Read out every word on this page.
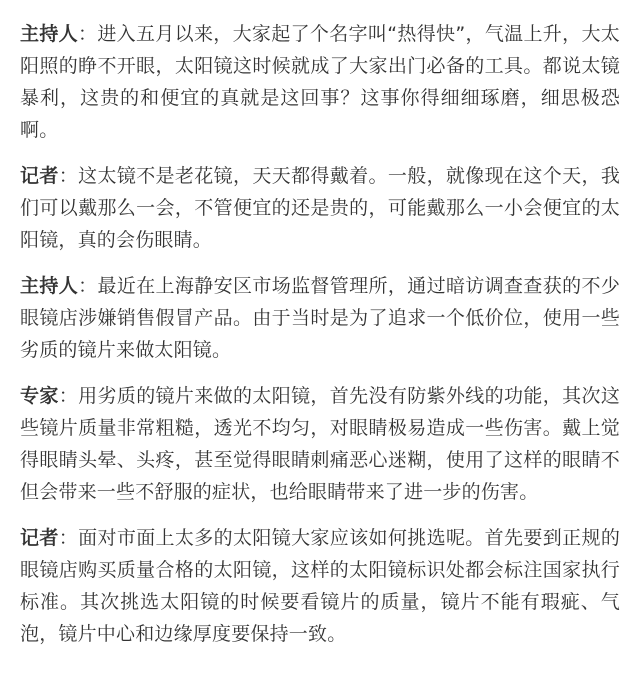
主持人：进入五月以来，大家起了个名字叫“热得快”，气温上升，大太阳照的睁不开眼，太阳镜这时候就成了大家出门必备的工具。都说太镜暴利，这贵的和便宜的真就是这回事？这事你得细细琢磨，细思极恐啊。

记者：这太镜不是老花镜，天天都得戴着。一般，就像现在这个天，我们可以戴那么一会，不管便宜的还是贵的，可能戴那么一小会便宜的太阳镜，真的会伤眼睛。

主持人：最近在上海静安区市场监督管理所，通过暗访调查查获的不少眼镜店涉嫌销售假冒产品。由于当时是为了追求一个低价位，使用一些劣质的镜片来做太阳镜。

专家：用劣质的镜片来做的太阳镜，首先没有防紫外线的功能，其次这些镜片质量非常粗糙，透光不均匀，对眼睛极易造成一些伤害。戴上觉得眼睛头晕、头疼，甚至觉得眼睛刺痛恶心迷糊，使用了这样的眼睛不但会带来一些不舒服的症状，也给眼睛带来了进一步的伤害。

记者：面对市面上太多的太阳镜大家应该如何挑选呢。首先要到正规的眼镜店购买质量合格的太阳镜，这样的太阳镜标识处都会标注国家执行标准。其次挑选太阳镜的时候要看镜片的质量，镜片不能有瑕疵、气泡，镜片中心和边缘厚度要保持一致。
